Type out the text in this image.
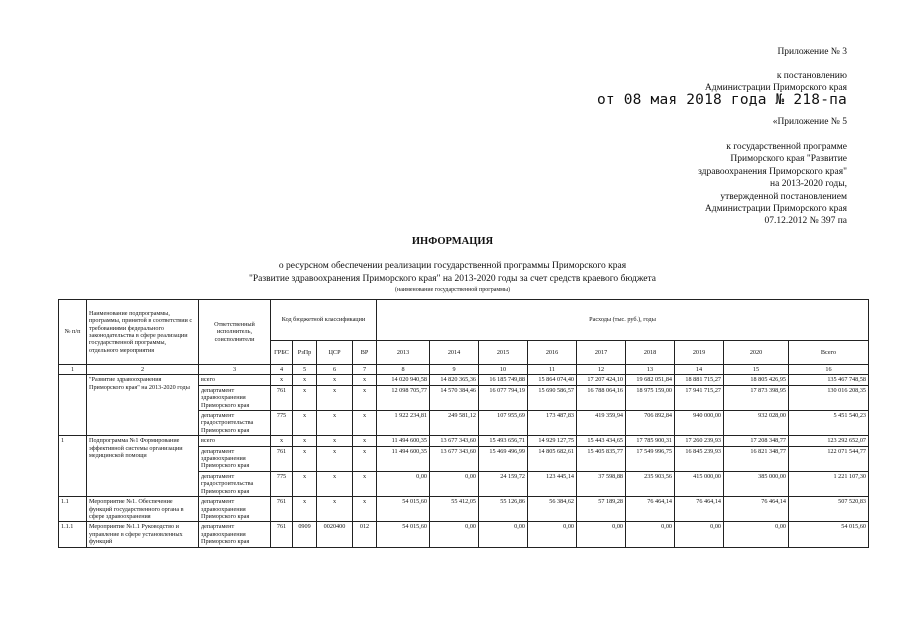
Приложение № 3
к постановлению
Администрации Приморского края
от 08 мая 2018 года № 218-па
«Приложение № 5
к государственной программе
Приморского края "Развитие
здравоохранения Приморского края"
на 2013-2020 годы,
утвержденной постановлением
Администрации Приморского края
07.12.2012 № 397 па
ИНФОРМАЦИЯ
о ресурсном обеспечении реализации государственной программы Приморского края
"Развитие здравоохранения Приморского края" на 2013-2020 годы за счет средств краевого бюджета
(наименование государственной программы)
№ п/п	Наименование подпрограммы, программы, принятой в соответствии с требованиями федерального законодательства в сфере реализации государственной программы, отдельного мероприятия	Ответственный исполнитель, соисполнители	Код бюджетной классификации				Расходы (тыс. руб.), годы								
			ГРБС	РзПр	ЦСР	ВР	2013	2014	2015	2016	2017	2018	2019	2020	Всего
1	2	3	4	5	6	7	8	9	10	11	12	13	14	15	16
	"Развитие здравоохранения Приморского края" на 2013-2020 годы	всего	х	х	х	х	14 020 940,58	14 820 365,36	16 185 749,88	15 864 074,40	17 207 424,10	19 682 051,84	18 881 715,27	18 805 426,95	135 467 748,58
		департамент здравоохранения Приморского края	761	х	х	х	12 098 705,77	14 570 384,46	16 077 794,19	15 690 586,57	16 788 064,16	18 975 159,00	17 941 715,27	17 873 398,95	130 016 208,35
		департамент градостроительства Приморского края	775	х	х	х	1 922 234,81	249 581,12	107 955,69	173 487,83	419 359,94	706 892,84	940 000,00	932 028,00	5 451 540,23
1	Подпрограмма №1 Формирование эффективной системы организации медицинской помощи	всего	х	х	х	х	11 494 600,35	13 677 343,60	15 493 656,71	14 929 127,75	15 443 434,65	17 785 900,31	17 260 239,93	17 208 348,77	123 292 652,07
		департамент здравоохранения Приморского края	761	х	х	х	11 494 600,35	13 677 343,60	15 469 496,99	14 805 682,61	15 405 835,77	17 549 996,75	16 845 239,93	16 821 348,77	122 071 544,77
		департамент градостроительства Приморского края	775	х	х	х	0,00	0,00	24 159,72	123 445,14	37 598,88	235 903,56	415 000,00	385 000,00	1 221 107,30
1.1	Мероприятие №1. Обеспечение функций государственного органа в сфере здравоохранения	департамент здравоохранения Приморского края	761	х	х	х	54 015,60	55 412,05	55 126,86	56 384,62	57 189,28	76 464,14	76 464,14	76 464,14	507 520,83
1.1.1	Мероприятие №1.1 Руководство и управление в сфере установленных функций	департамент здравоохранения Приморского края	761	0909	0020400	012	54 015,60	0,00	0,00	0,00	0,00	0,00	0,00	0,00	54 015,60
